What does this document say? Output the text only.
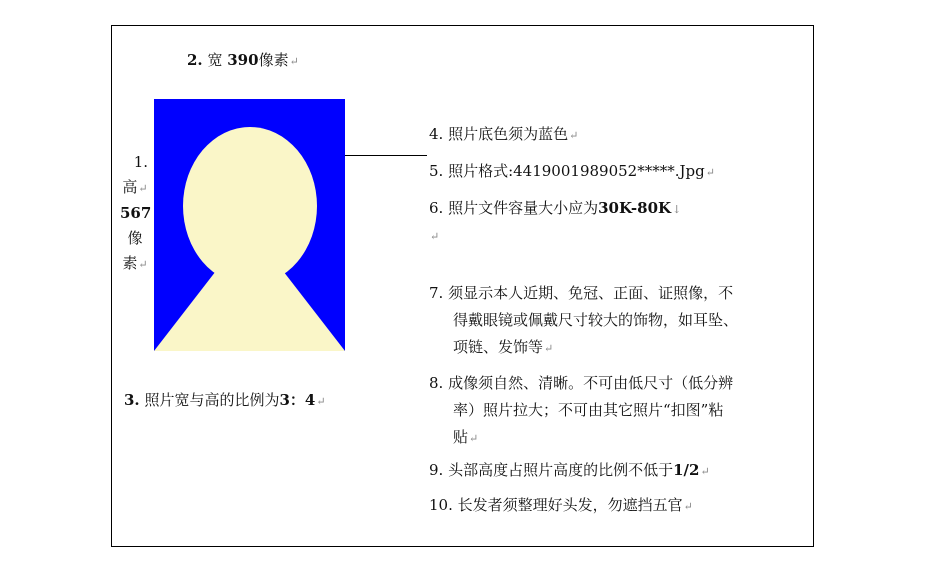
2. 宽 390像素↵
1.
高↵
567
像
素↵
3. 照片宽与高的比例为3：4↵
4. 照片底色须为蓝色↵
5. 照片格式:4419001989052*****.Jpg↵
6. 照片文件容量大小应为30K-80K↓
↵
7. 须显示本人近期、免冠、正面、证照像，不
得戴眼镜或佩戴尺寸较大的饰物，如耳坠、
项链、发饰等↵
8. 成像须自然、清晰。不可由低尺寸（低分辨
率）照片拉大；不可由其它照片“扣图”粘
贴↵
9. 头部高度占照片高度的比例不低于1/2↵
10. 长发者须整理好头发，勿遮挡五官↵
